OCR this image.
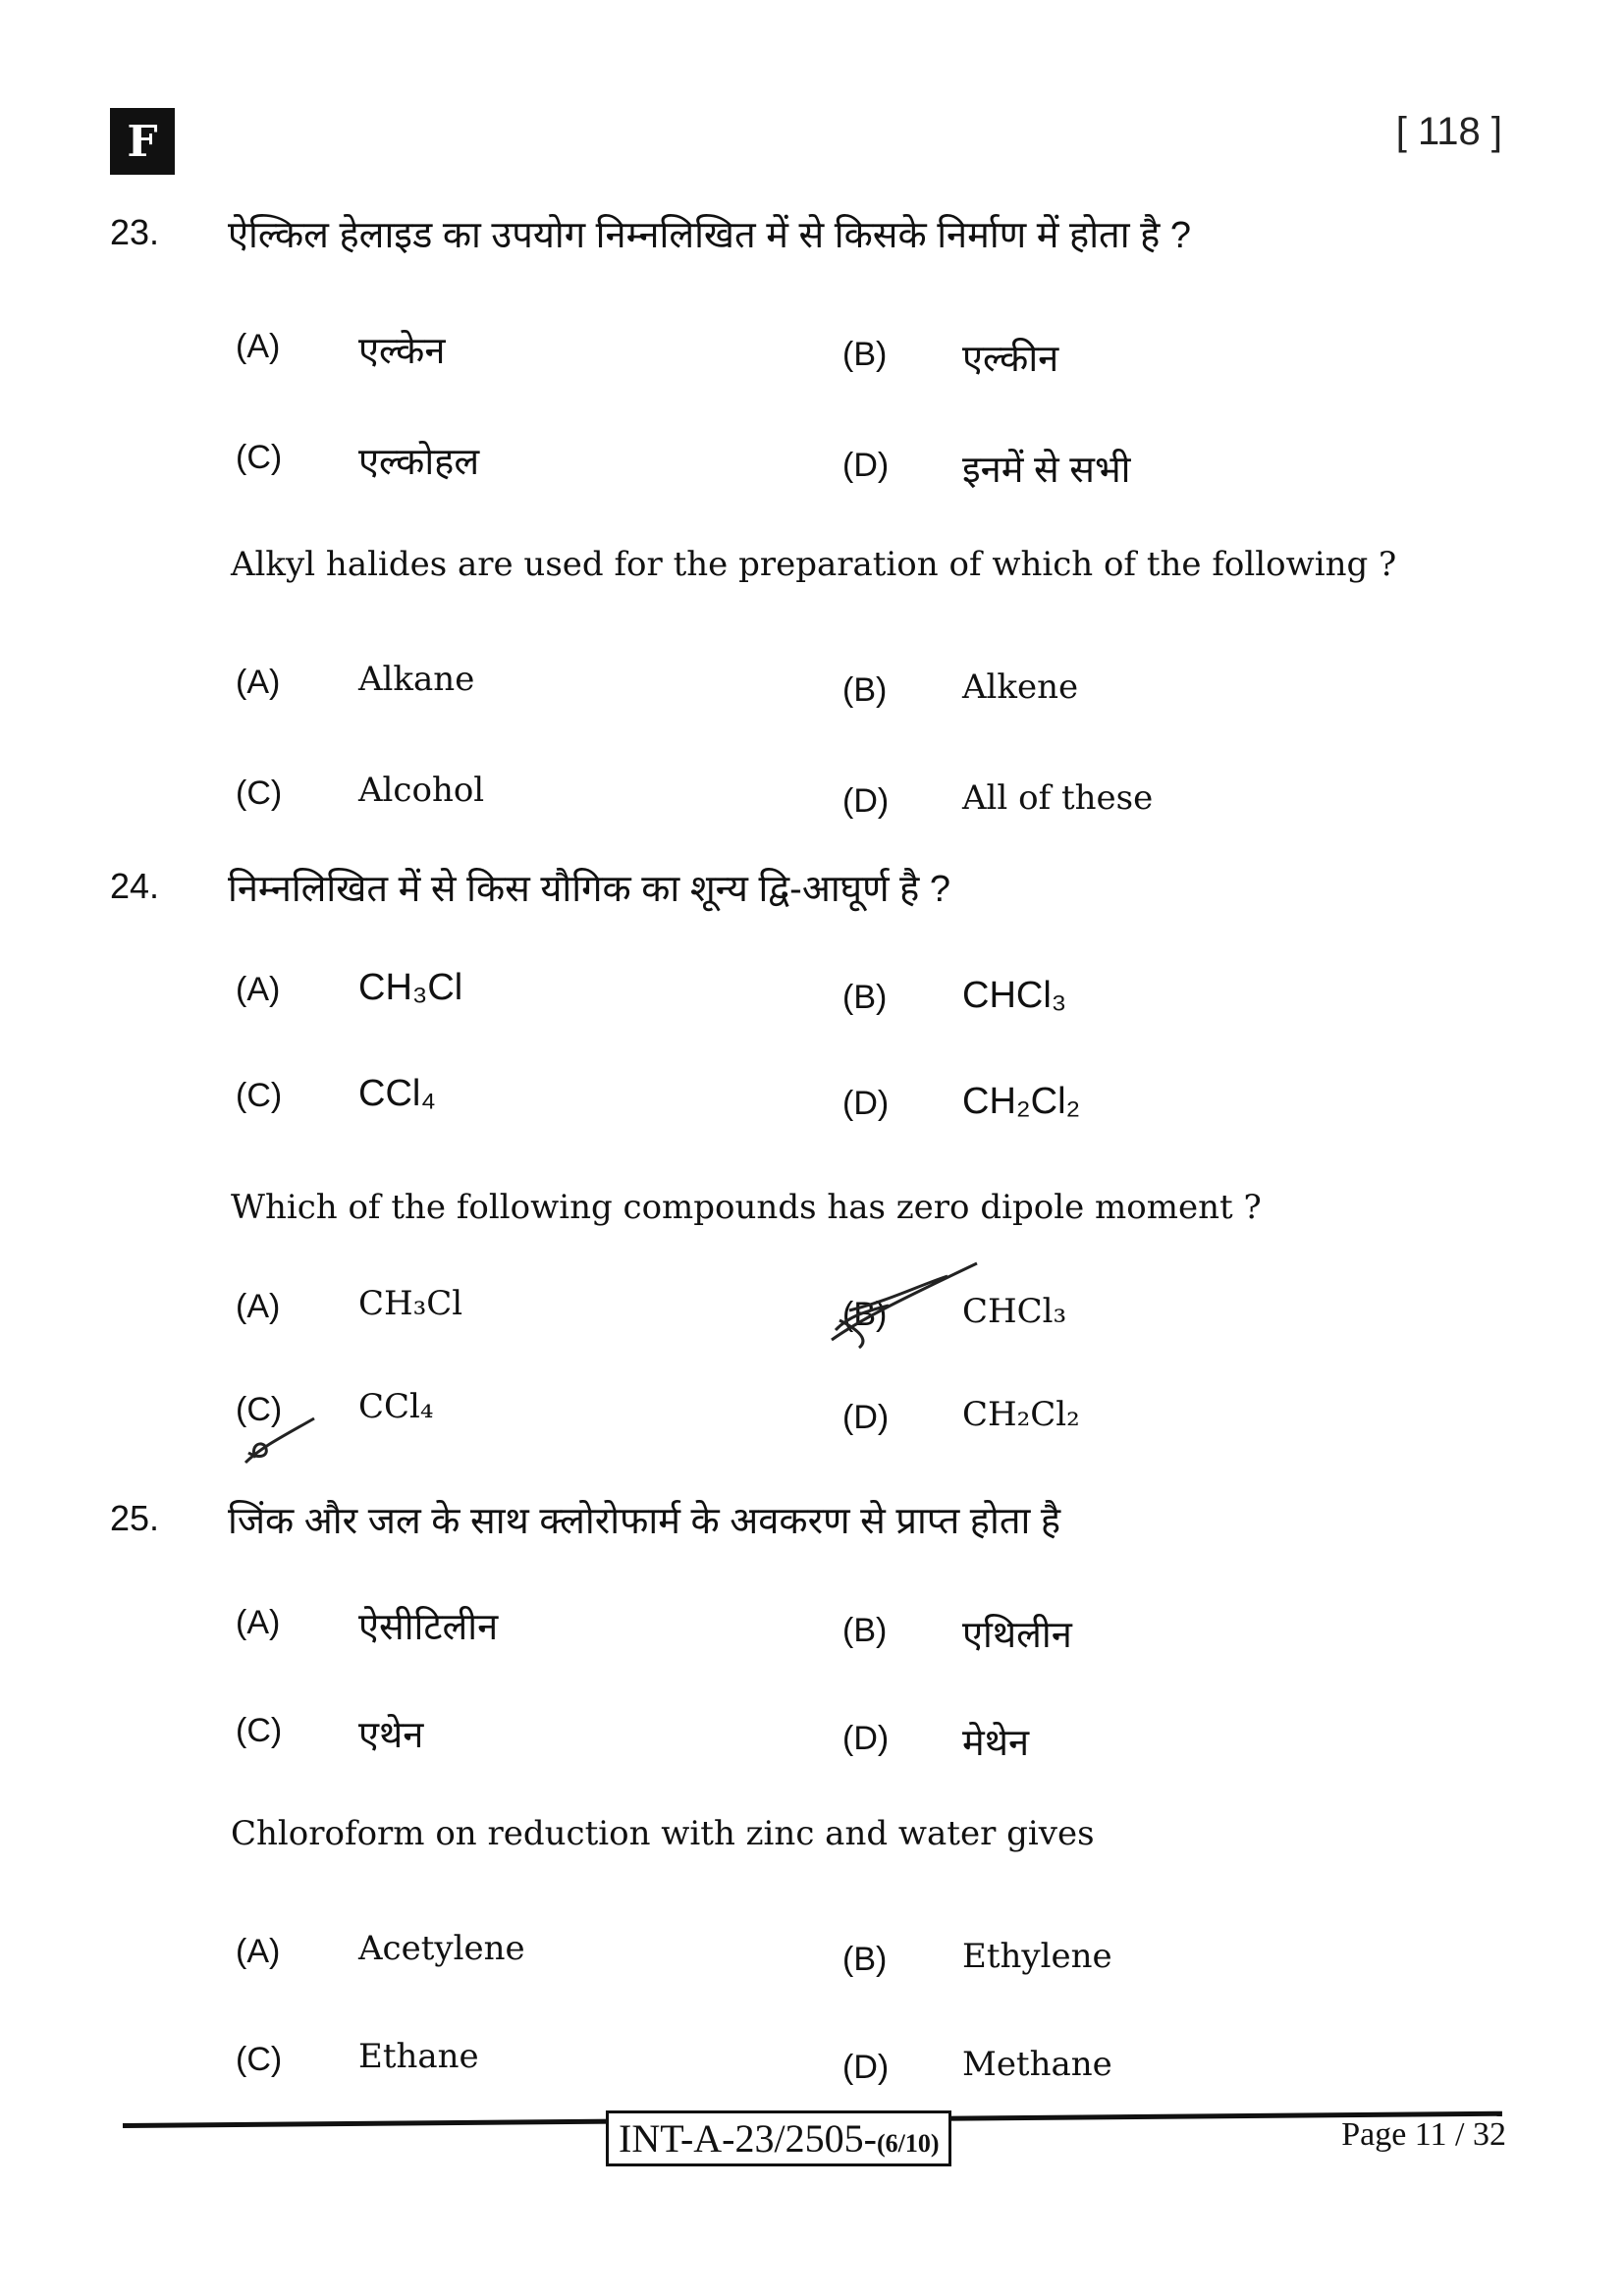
F	[ 118 ]
23. ऐल्किल हेलाइड का उपयोग निम्नलिखित में से किसके निर्माण में होता है ?
Alkyl halides are used for the preparation of which of the following ?
(A) एल्केन	(B) एल्कीन
(C) एल्कोहल	(D) इनमें से सभी
(A) Alkane	(B) Alkene
(C) Alcohol	(D) All of these
24. निम्नलिखित में से किस यौगिक का शून्य द्वि-आघूर्ण है ?
Which of the following compounds has zero dipole moment ?
(A) CH₃Cl	(B) CHCl₃
(C) CCl₄	(D) CH₂Cl₂
(A) CH₃Cl	(B) CHCl₃
(C) CCl₄	(D) CH₂Cl₂
25. जिंक और जल के साथ क्लोरोफार्म के अवकरण से प्राप्त होता है
Chloroform on reduction with zinc and water gives
(A) ऐसीटिलीन	(B) एथिलीन
(C) एथेन	(D) मेथेन
(A) Acetylene	(B) Ethylene
(C) Ethane	(D) Methane
INT-A-23/2505-(6/10)	Page 11 / 32
